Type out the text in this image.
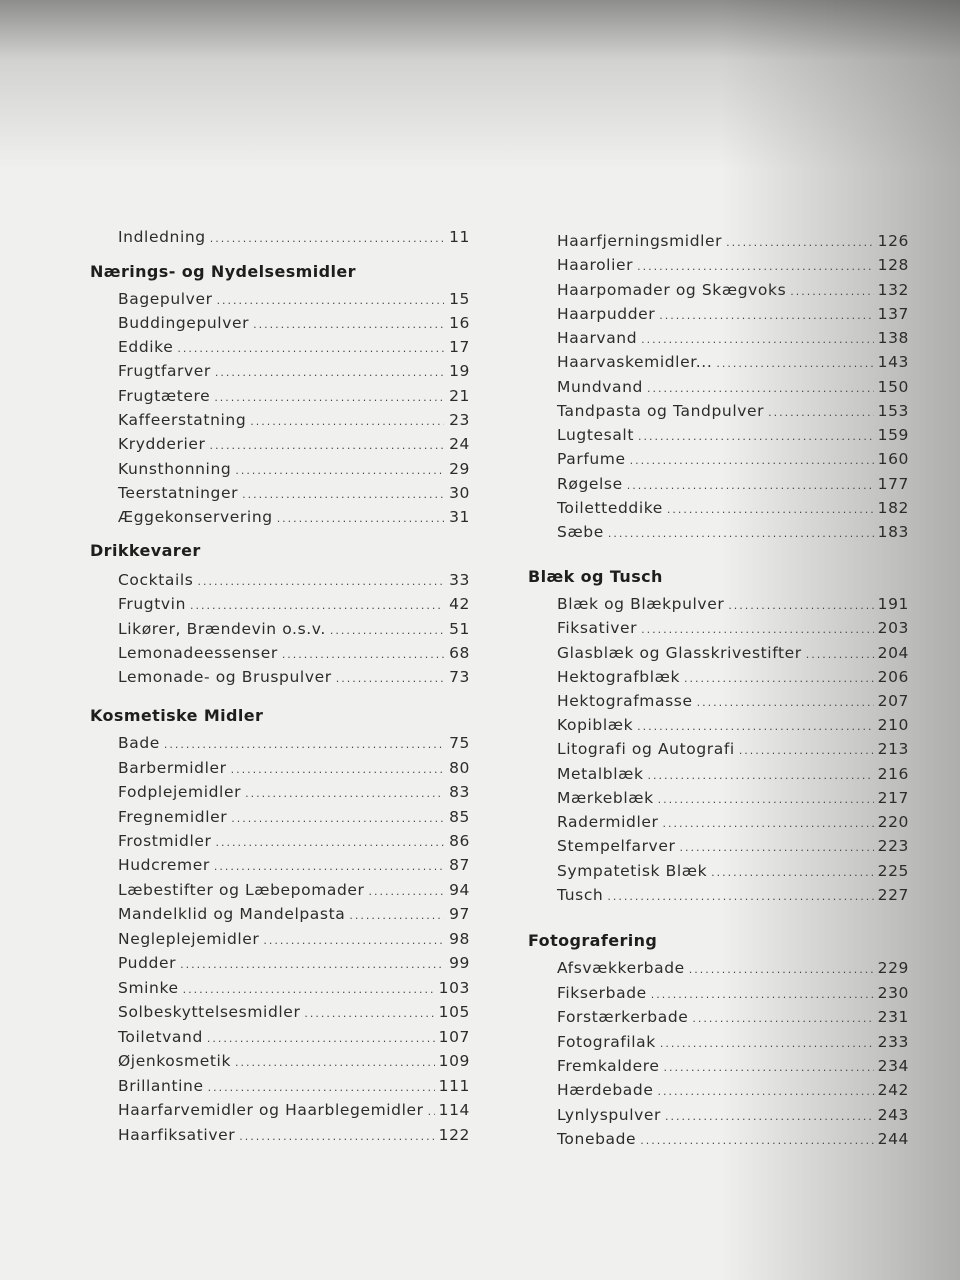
Indledning .....	11
Nærings- og Nydelsesmidler
Bagepulver .....	15
Buddingepulver .....	16
Eddike .....	17
Frugtfarver .....	19
Frugtætere .....	21
Kaffeerstatning .....	23
Krydderier .....	24
Kunsthonning .....	29
Teerstatninger .....	30
Æggekonservering .....	31
Drikkevarer
Cocktails .....	33
Frugtvin .....	42
Likører, Brændevin o.s.v. .....	51
Lemonadeessenser .....	68
Lemonade- og Bruspulver .....	73
Kosmetiske Midler
Bade .....	75
Barbermidler .....	80
Fodplejemidler .....	83
Fregnemidler .....	85
Frostmidler .....	86
Hudcremer .....	87
Læbestifter og Læbepomader .....	94
Mandelklid og Mandelpasta .....	97
Negleplejemidler .....	98
Pudder .....	99
Sminke .....	103
Solbeskyttelsesmidler .....	105
Toiletvand .....	107
Øjenkosmetik .....	109
Brillantine .....	111
Haarfarvemidler og Haarblegemidler ..... 114
Haarfiksativer .....	122
Haarfjerningsmidler .....	126
Haarolier .....	128
Haarpomader og Skægvoks .....	132
Haarpudder .....	137
Haarvand .....	138
Haarvaskemidler... .....	143
Mundvand .....	150
Tandpasta og Tandpulver .....	153
Lugtesalt .....	159
Parfume .....	160
Røgelse .....	177
Toiletteddike .....	182
Sæbe .....	183
Blæk og Tusch
Blæk og Blækpulver .....	191
Fiksativer .....	203
Glasblæk og Glasskrivestifter .....	204
Hektografblæk .....	206
Hektografmasse .....	207
Kopiblæk .....	210
Litografi og Autografi .....	213
Metalblæk .....	216
Mærkeblæk .....	217
Radermidler .....	220
Stempelfarver .....	223
Sympatetisk Blæk .....	225
Tusch .....	227
Fotografering
Afsvækkerbade .....	229
Fikserbade .....	230
Forstærkerbade .....	231
Fotografilak .....	233
Fremkaldere .....	234
Hærdebade .....	242
Lynlyspulver .....	243
Tonebade .....	244
